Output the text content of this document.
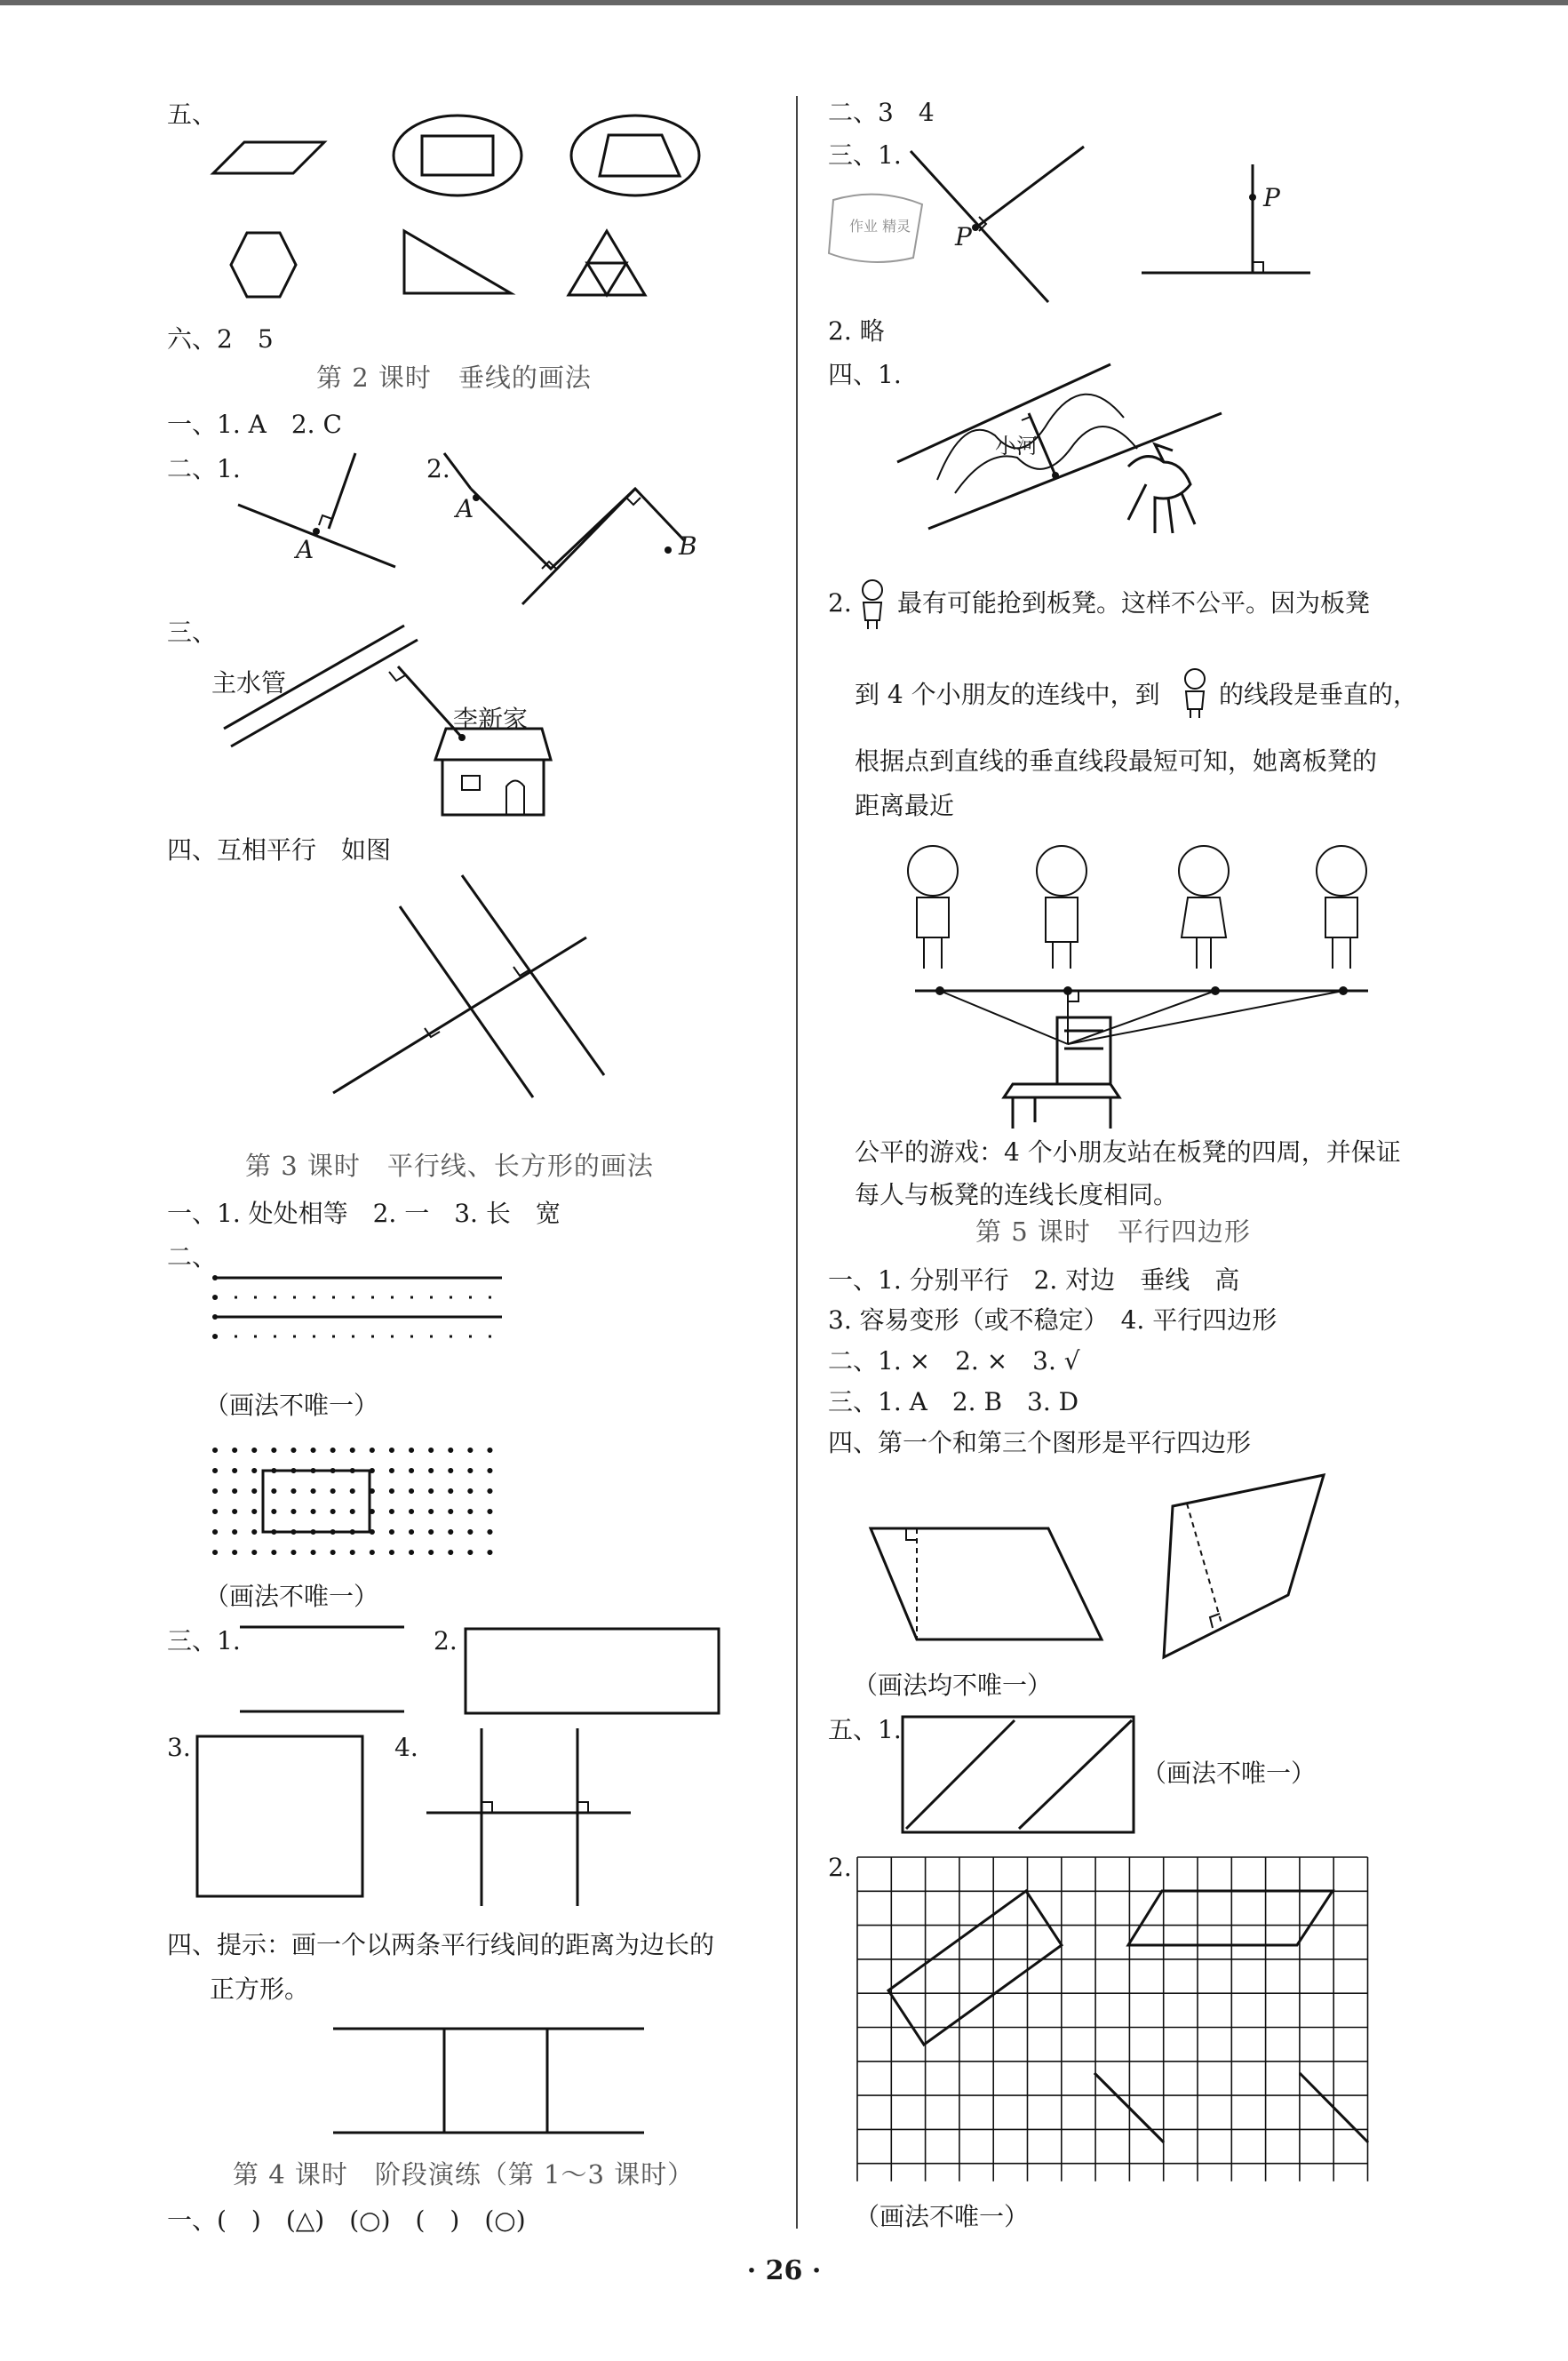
五、
六、2　5
第 2 课时　垂线的画法
一、1. A　2. C
二、1.	2.
A
A
B
三、
主水管
李新家
四、互相平行　如图
第 3 课时　平行线、长方形的画法
一、1. 处处相等　2. 一　3. 长　宽
二、
（画法不唯一）
（画法不唯一）
三、1.	2.
3.	4.
四、提示：画一个以两条平行线间的距离为边长的
正方形。
第 4 课时　阶段演练（第 1～3 课时）
一、(　)　(△)　(○)　(　)　(○)
二、3　4
三、1.
作业 精灵 P
P
2. 略
四、1.
小河
2. 最有可能抢到板凳。这样不公平。因为板凳
到 4 个小朋友的连线中，到 的线段是垂直的，
根据点到直线的垂直线段最短可知，她离板凳的
距离最近
公平的游戏：4 个小朋友站在板凳的四周，并保证
每人与板凳的连线长度相同。
第 5 课时　平行四边形
一、1. 分别平行　2. 对边　垂线　高
3. 容易变形（或不稳定）　4. 平行四边形
二、1. ×　2. ×　3. √
三、1. A　2. B　3. D
四、第一个和第三个图形是平行四边形
（画法均不唯一）
五、1.
（画法不唯一）
2.
（画法不唯一）
· 26 ·
